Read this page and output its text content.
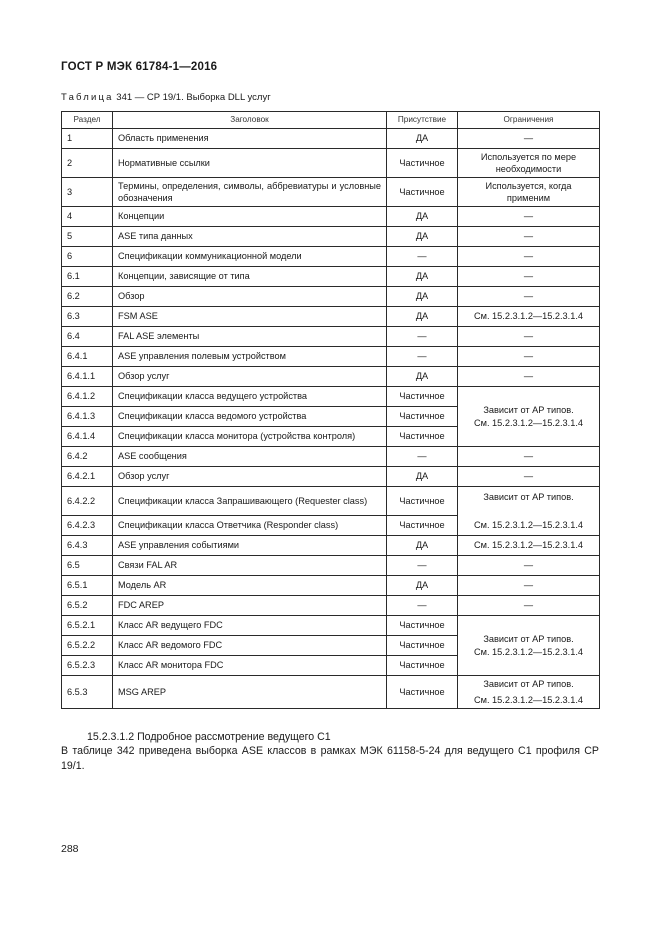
ГОСТ Р МЭК 61784-1—2016
Таблица 341 — CP 19/1. Выборка DLL услуг
Раздел	Заголовок	Присутствие	Ограничения
1	Область применения	ДА	—
2	Нормативные ссылки	Частичное	Используется по мере необходимости
3	Термины, определения, символы, аббревиатуры и условные обозначения	Частичное	Используется, когда применим
4	Концепции	ДА	—
5	ASE типа данных	ДА	—
6	Спецификации коммуникационной модели	—	—
6.1	Концепции, зависящие от типа	ДА	—
6.2	Обзор	ДА	—
6.3	FSM ASE	ДА	См. 15.2.3.1.2—15.2.3.1.4
6.4	FAL ASE элементы	—	—
6.4.1	ASE управления полевым устройством	—	—
6.4.1.1	Обзор услуг	ДА	—
6.4.1.2	Спецификации класса ведущего устройства	Частичное	Зависит от AP типов.
См. 15.2.3.1.2—15.2.3.1.4
6.4.1.3	Спецификации класса ведомого устройства	Частичное	
6.4.1.4	Спецификации класса монитора (устройства контроля)	Частичное	
6.4.2	ASE сообщения	—	—
6.4.2.1	Обзор услуг	ДА	—
6.4.2.2	Спецификации класса Запрашивающего (Requester class)	Частичное	Зависит от AP типов.
См. 15.2.3.1.2—15.2.3.1.4

6.4.2.3	Спецификации класса Ответчика (Responder class)	Частичное	
6.4.3	ASE управления событиями	ДА	См. 15.2.3.1.2—15.2.3.1.4
6.5	Связи FAL AR	—	—
6.5.1	Модель AR	ДА	—
6.5.2	FDC AREP	—	—
6.5.2.1	Класс AR ведущего FDC	Частичное	Зависит от AP типов.
См. 15.2.3.1.2—15.2.3.1.4
6.5.2.2	Класс AR ведомого FDC	Частичное	
6.5.2.3	Класс AR монитора FDC	Частичное	
6.5.3	MSG AREP	Частичное	Зависит от AP типов.
См. 15.2.3.1.2—15.2.3.1.4
15.2.3.1.2 Подробное рассмотрение ведущего С1
В таблице 342 приведена выборка ASE классов в рамках МЭК 61158-5-24 для ведущего С1 профиля CP 19/1.
288
